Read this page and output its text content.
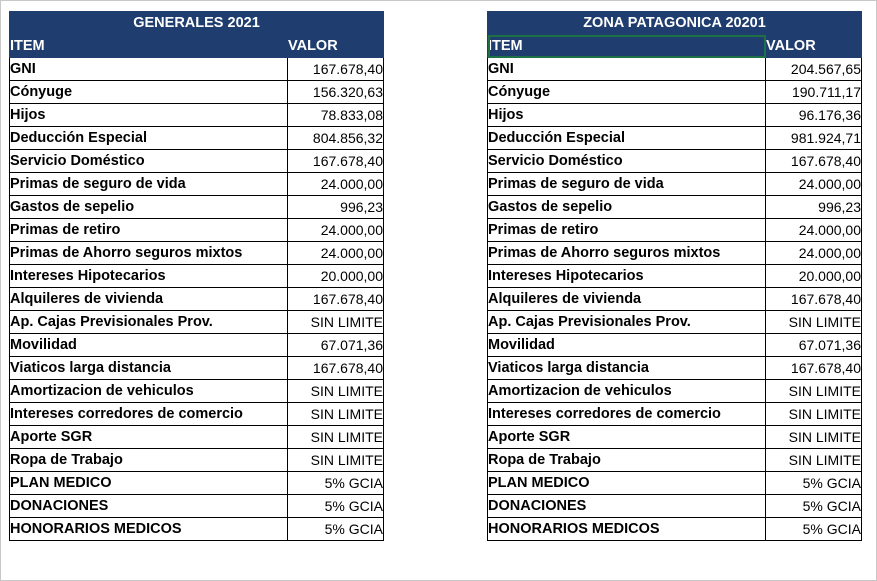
GENERALES 2021	
ITEM	VALOR
GNI	167.678,40
Cónyuge	156.320,63
Hijos	78.833,08
Deducción Especial	804.856,32
Servicio Doméstico	167.678,40
Primas de seguro de vida	24.000,00
Gastos de sepelio	996,23
Primas de retiro	24.000,00
Primas de Ahorro seguros mixtos	24.000,00
Intereses Hipotecarios	20.000,00
Alquileres de vivienda	167.678,40
Ap. Cajas Previsionales Prov.	SIN LIMITE
Movilidad	67.071,36
Viaticos larga distancia	167.678,40
Amortizacion de vehiculos	SIN LIMITE
Intereses corredores de comercio	SIN LIMITE
Aporte SGR	SIN LIMITE
Ropa de Trabajo	SIN LIMITE
PLAN MEDICO	5% GCIA
DONACIONES	5% GCIA
HONORARIOS MEDICOS	5% GCIA
ZONA PATAGONICA 20201	
ITEM	VALOR
GNI	204.567,65
Cónyuge	190.711,17
Hijos	96.176,36
Deducción Especial	981.924,71
Servicio Doméstico	167.678,40
Primas de seguro de vida	24.000,00
Gastos de sepelio	996,23
Primas de retiro	24.000,00
Primas de Ahorro seguros mixtos	24.000,00
Intereses Hipotecarios	20.000,00
Alquileres de vivienda	167.678,40
Ap. Cajas Previsionales Prov.	SIN LIMITE
Movilidad	67.071,36
Viaticos larga distancia	167.678,40
Amortizacion de vehiculos	SIN LIMITE
Intereses corredores de comercio	SIN LIMITE
Aporte SGR	SIN LIMITE
Ropa de Trabajo	SIN LIMITE
PLAN MEDICO	5% GCIA
DONACIONES	5% GCIA
HONORARIOS MEDICOS	5% GCIA
